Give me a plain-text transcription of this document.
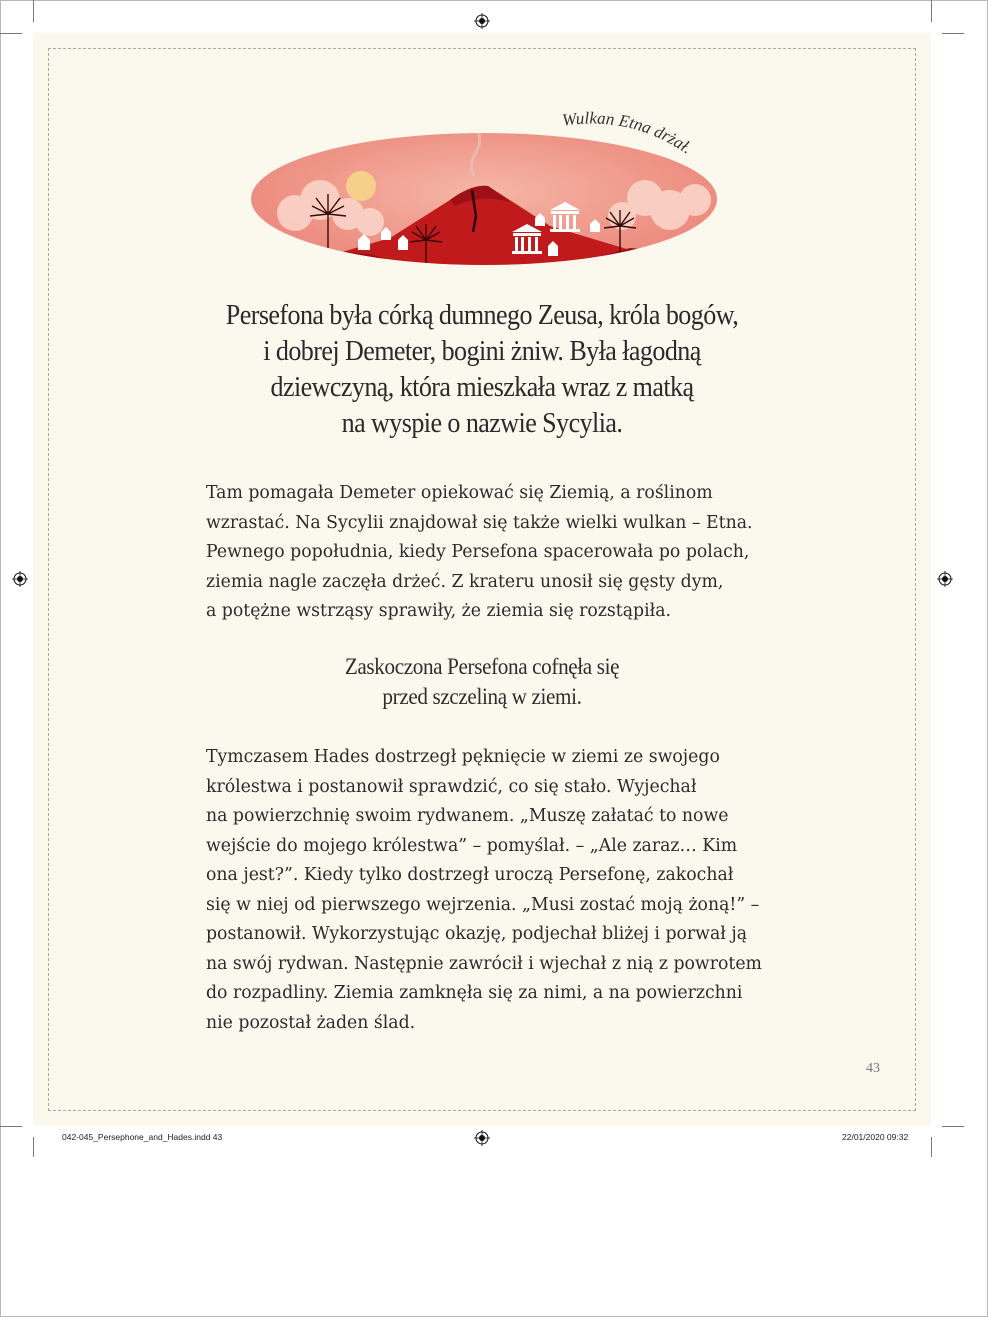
Wulkan Etna drżał.
Persefona była córką dumnego Zeusa, króla bogów,
i dobrej Demeter, bogini żniw. Była łagodną
dziewczyną, która mieszkała wraz z matką
na wyspie o nazwie Sycylia.
Tam pomagała Demeter opiekować się Ziemią, a roślinom
wzrastać. Na Sycylii znajdował się także wielki wulkan – Etna.
Pewnego popołudnia, kiedy Persefona spacerowała po polach,
ziemia nagle zaczęła drżeć. Z krateru unosił się gęsty dym,
a potężne wstrząsy sprawiły, że ziemia się rozstąpiła.
Zaskoczona Persefona cofnęła się
przed szczeliną w ziemi.
Tymczasem Hades dostrzegł pęknięcie w ziemi ze swojego
królestwa i postanowił sprawdzić, co się stało. Wyjechał
na powierzchnię swoim rydwanem. „Muszę załatać to nowe
wejście do mojego królestwa” – pomyślał. – „Ale zaraz… Kim
ona jest?”. Kiedy tylko dostrzegł uroczą Persefonę, zakochał
się w niej od pierwszego wejrzenia. „Musi zostać moją żoną!” –
postanowił. Wykorzystując okazję, podjechał bliżej i porwał ją
na swój rydwan. Następnie zawrócił i wjechał z nią z powrotem
do rozpadliny. Ziemia zamknęła się za nimi, a na powierzchni
nie pozostał żaden ślad.
43
042-045_Persephone_and_Hades.indd 43	22/01/2020 09:32
